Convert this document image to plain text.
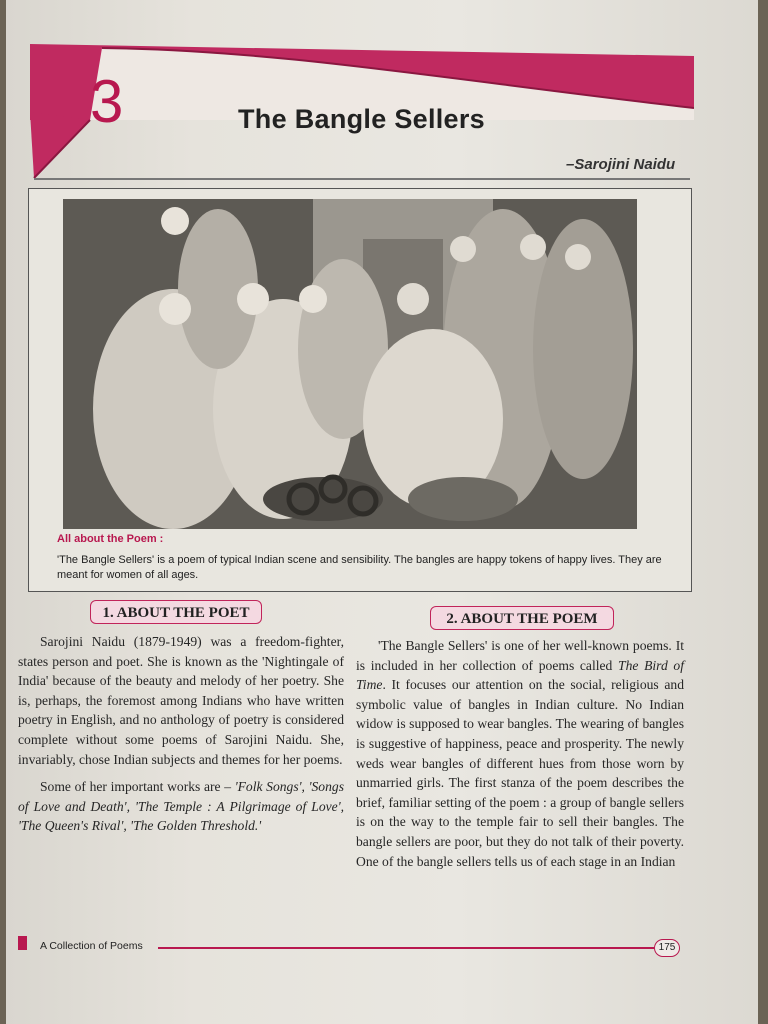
3	The Bangle Sellers
–Sarojini Naidu
All about the Poem :
'The Bangle Sellers' is a poem of typical Indian scene and sensibility. The bangles are happy tokens of happy lives. They are meant for women of all ages.
1. ABOUT THE POET	2. ABOUT THE POEM

Sarojini Naidu (1879-1949) was a freedom-fighter, states person and poet. She is known as the 'Nightingale of India' because of the beauty and melody of her poetry. She is, perhaps, the foremost among Indians who have written poetry in English, and no anthology of poetry is considered complete without some poems of Sarojini Naidu. She, invariably, chose Indian subjects and themes for her poems.

Some of her important works are – 'Folk Songs', 'Songs of Love and Death', 'The Temple : A Pilgrimage of Love', 'The Queen's Rival', 'The Golden Threshold.'

'The Bangle Sellers' is one of her well-known poems. It is included in her collection of poems called The Bird of Time. It focuses our attention on the social, religious and symbolic value of bangles in Indian culture. No Indian widow is supposed to wear bangles. The wearing of bangles is suggestive of happiness, peace and prosperity. The newly weds wear bangles of different hues from those worn by unmarried girls. The first stanza of the poem describes the brief, familiar setting of the poem : a group of bangle sellers is on the way to the temple fair to sell their bangles. The bangle sellers are poor, but they do not talk of their poverty. One of the bangle sellers tells us of each stage in an Indian

A Collection of Poems	175
